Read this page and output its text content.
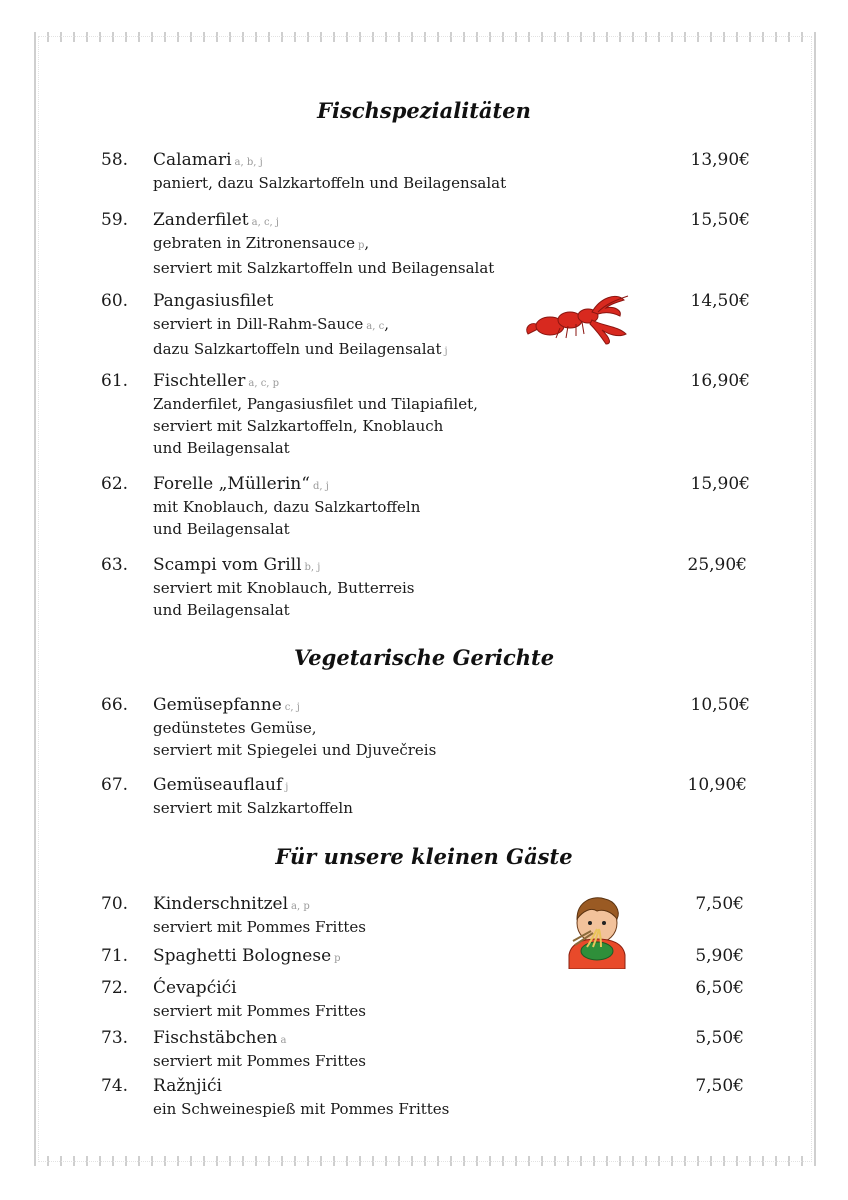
Fischspezialitäten
58. Calamari a, b, j
paniert, dazu Salzkartoffeln und Beilagensalat
13,90€
59. Zanderfilet a, c, j
gebraten in Zitronensauce p,
serviert mit Salzkartoffeln und Beilagensalat
15,50€
60. Pangasiusfilet
serviert in Dill-Rahm-Sauce a, c,
dazu Salzkartoffeln und Beilagensalat j
14,50€
61. Fischteller a, c, p
Zanderfilet, Pangasiusfilet und Tilapiafilet,
serviert mit Salzkartoffeln, Knoblauch
und Beilagensalat
16,90€
62. Forelle „Müllerin“ d, j
mit Knoblauch, dazu Salzkartoffeln
und Beilagensalat
15,90€
63. Scampi vom Grill b, j
serviert mit Knoblauch, Butterreis
und Beilagensalat
25,90€
Vegetarische Gerichte
66. Gemüsepfanne c, j
gedünstetes Gemüse,
serviert mit Spiegelei und Djuvečreis
10,50€
67. Gemüseauflauf j
serviert mit Salzkartoffeln
10,90€
Für unsere kleinen Gäste
70. Kinderschnitzel a, p
serviert mit Pommes Frittes
7,50€
71. Spaghetti Bolognese p	5,90€
72. Ćevapćići
serviert mit Pommes Frittes
6,50€
73. Fischstäbchen a
serviert mit Pommes Frittes
5,50€
74. Ražnjići
ein Schweinespieß mit Pommes Frittes
7,50€
